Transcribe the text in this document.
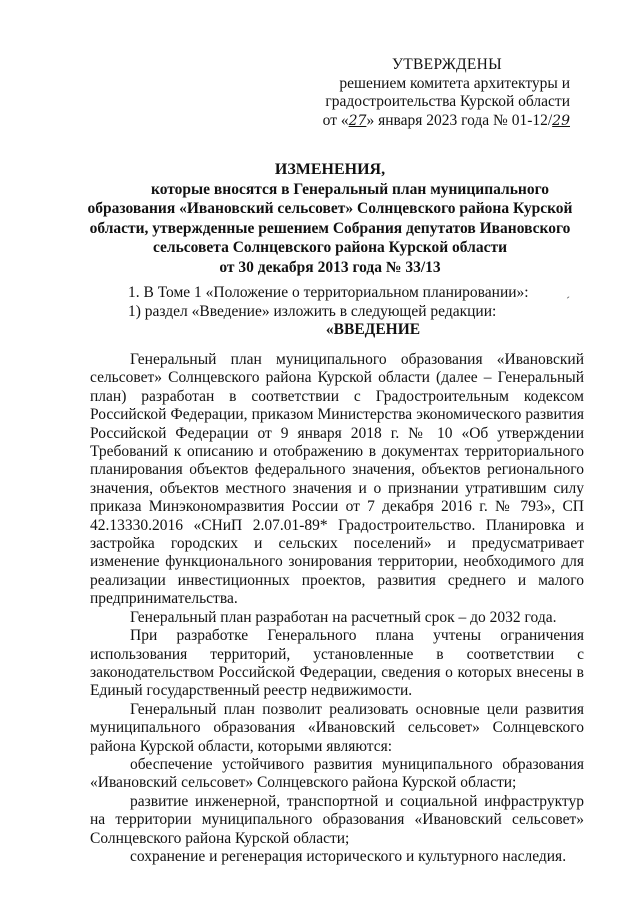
УТВЕРЖДЕНЫ
решением комитета архитектуры и
градостроительства Курской области
от «27» января 2023 года № 01-12/29
ИЗМЕНЕНИЯ,
которые вносятся в Генеральный план муниципального
образования «Ивановский сельсовет» Солнцевского района Курской
области, утвержденные решением Собрания депутатов Ивановского
сельсовета Солнцевского района Курской области
от 30 декабря 2013 года № 33/13
1. В Томе 1 «Положение о территориальном планировании»:
1) раздел «Введение» изложить в следующей редакции:
«ВВЕДЕНИЕ
´

Генеральный план муниципального образования «Ивановский сельсовет» Солнцевского района Курской области (далее – Генеральный план) разработан в соответствии с Градостроительным кодексом Российской Федерации, приказом Министерства экономического развития Российской Федерации от 9 января 2018 г. № 10 «Об утверждении Требований к описанию и отображению в документах территориального планирования объектов федерального значения, объектов регионального значения, объектов местного значения и о признании утратившим силу приказа Минэкономразвития России от 7 декабря 2016 г. № 793», СП 42.13330.2016 «СНиП 2.07.01-89* Градостроительство. Планировка и застройка городских и сельских поселений» и предусматривает изменение функционального зонирования территории, необходимого для реализации инвестиционных проектов, развития среднего и малого предпринимательства.

Генеральный план разработан на расчетный срок – до 2032 года.

При разработке Генерального плана учтены ограничения использования территорий, установленные в соответствии с законодательством Российской Федерации, сведения о которых внесены в Единый государственный реестр недвижимости.

Генеральный план позволит реализовать основные цели развития муниципального образования «Ивановский сельсовет» Солнцевского района Курской области, которыми являются:

обеспечение устойчивого развития муниципального образования «Ивановский сельсовет» Солнцевского района Курской области;

развитие инженерной, транспортной и социальной инфраструктур на территории муниципального образования «Ивановский сельсовет» Солнцевского района Курской области;

сохранение и регенерация исторического и культурного наследия.
